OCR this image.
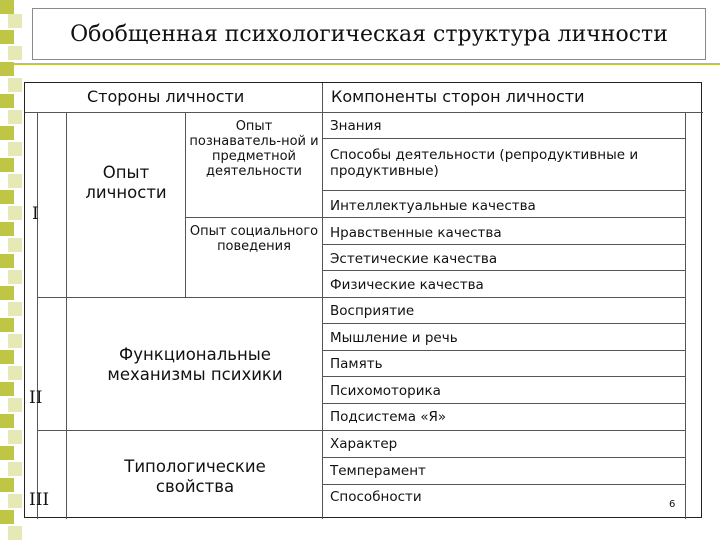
Обобщенная психологическая структура личности
Стороны личности	Компоненты сторон личности
I
II
III
Опыт личности
Опыт познаватель-ной и предметной деятельности
Опыт социального поведения
Функциональные механизмы психики
Типологические свойства
Знания
Способы деятельности (репродуктивные и продуктивные)
Интеллектуальные качества
Нравственные качества
Эстетические качества
Физические качества
Восприятие
Мышление и речь
Память
Психомоторика
Подсистема «Я»
Характер
Темперамент
Способности	6
